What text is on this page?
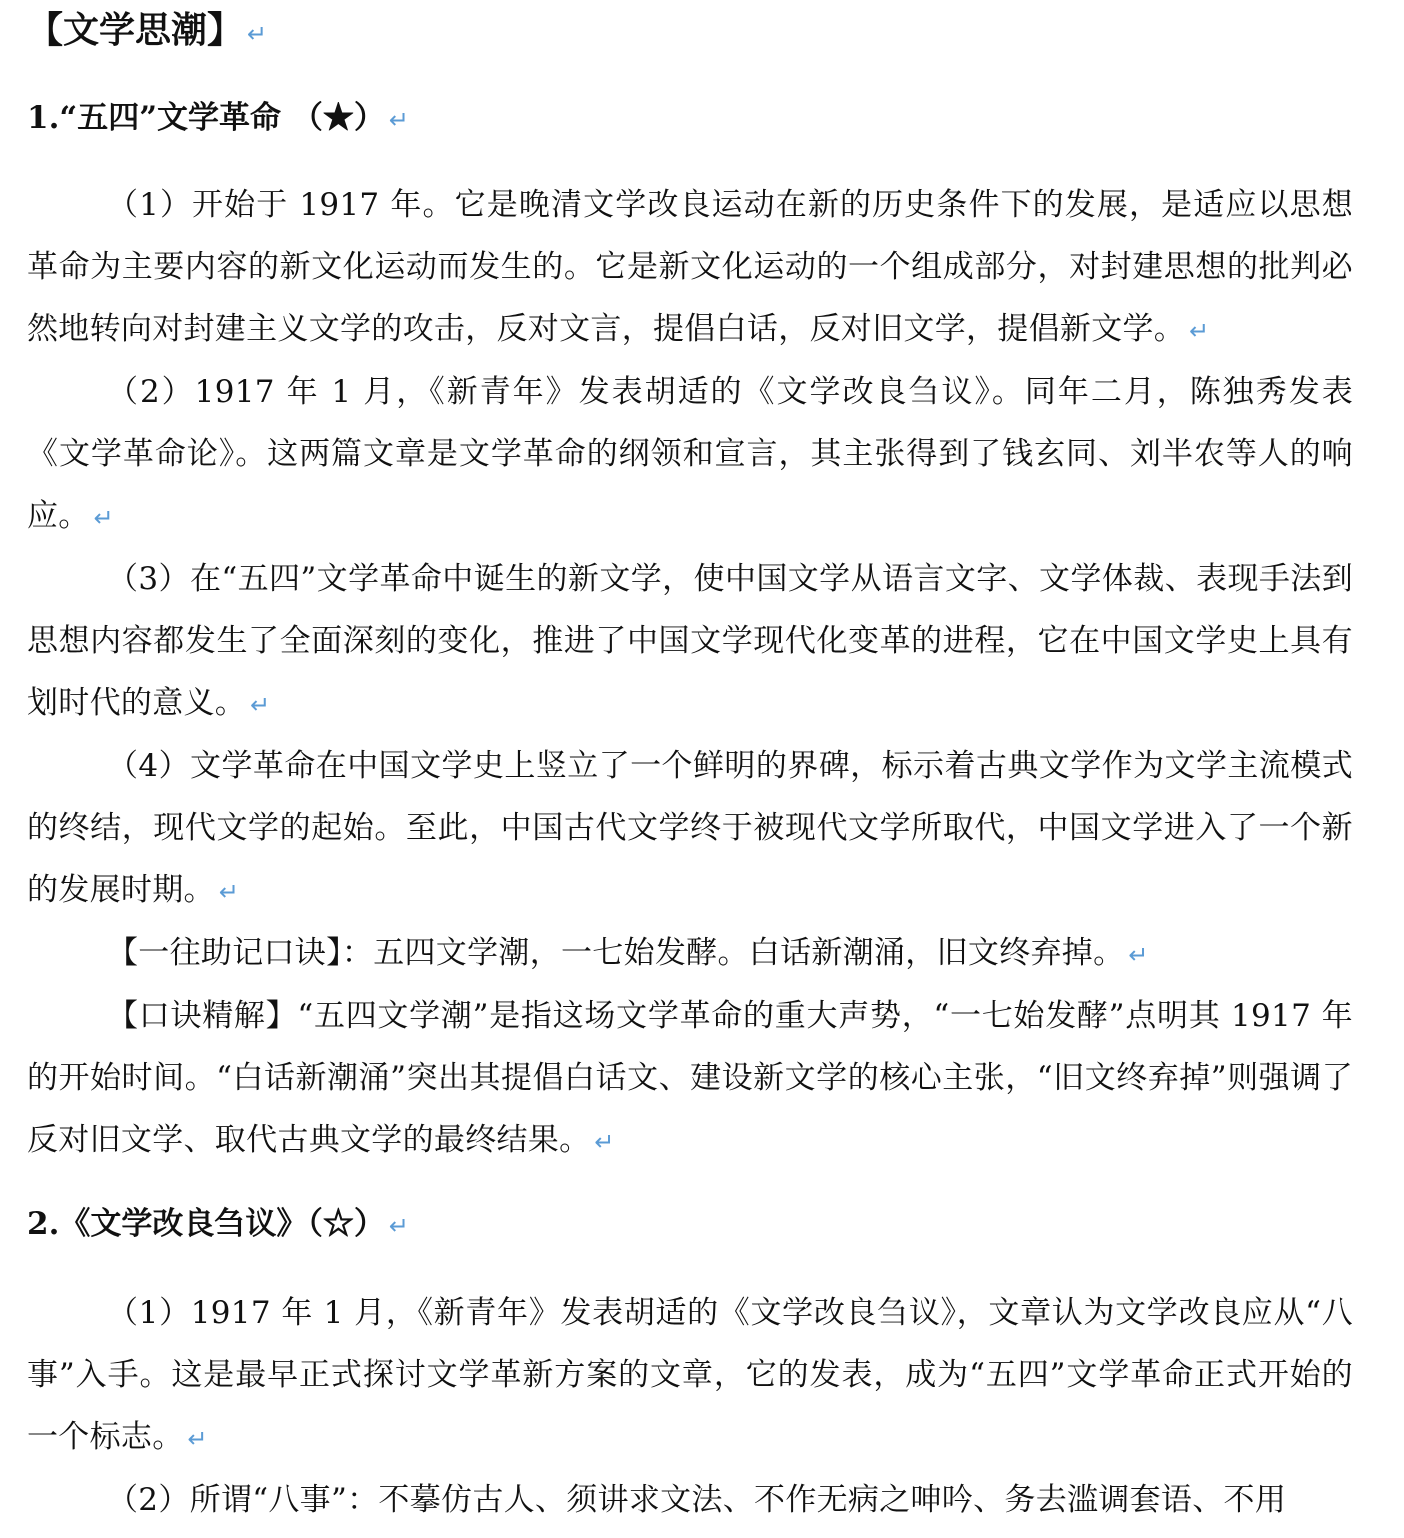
【文学思潮】 ↵
1.“五四”文学革命 （★） ↵

（1）开始于 1917 年。它是晚清文学改良运动在新的历史条件下的发展，是适应以思想革命为主要内容的新文化运动而发生的。它是新文化运动的一个组成部分，对封建思想的批判必然地转向对封建主义文学的攻击，反对文言，提倡白话，反对旧文学，提倡新文学。 ↵

（2）1917 年 1 月，《新青年》发表胡适的《文学改良刍议》。同年二月，陈独秀发表《文学革命论》。这两篇文章是文学革命的纲领和宣言，其主张得到了钱玄同、刘半农等人的响应。 ↵

（3）在“五四”文学革命中诞生的新文学，使中国文学从语言文字、文学体裁、表现手法到思想内容都发生了全面深刻的变化，推进了中国文学现代化变革的进程，它在中国文学史上具有划时代的意义。 ↵

（4）文学革命在中国文学史上竖立了一个鲜明的界碑，标示着古典文学作为文学主流模式的终结，现代文学的起始。至此，中国古代文学终于被现代文学所取代，中国文学进入了一个新的发展时期。 ↵

【一往助记口诀】：五四文学潮，一七始发酵。白话新潮涌，旧文终弃掉。 ↵

【口诀精解】“五四文学潮”是指这场文学革命的重大声势，“一七始发酵”点明其 1917 年的开始时间。“白话新潮涌”突出其提倡白话文、建设新文学的核心主张，“旧文终弃掉”则强调了反对旧文学、取代古典文学的最终结果。 ↵

2.《文学改良刍议》（☆） ↵

（1）1917 年 1 月，《新青年》发表胡适的《文学改良刍议》，文章认为文学改良应从“八事”入手。这是最早正式探讨文学革新方案的文章，它的发表，成为“五四”文学革命正式开始的一个标志。 ↵

（2）所谓“八事”：不摹仿古人、须讲求文法、不作无病之呻吟、务去滥调套语、不用
